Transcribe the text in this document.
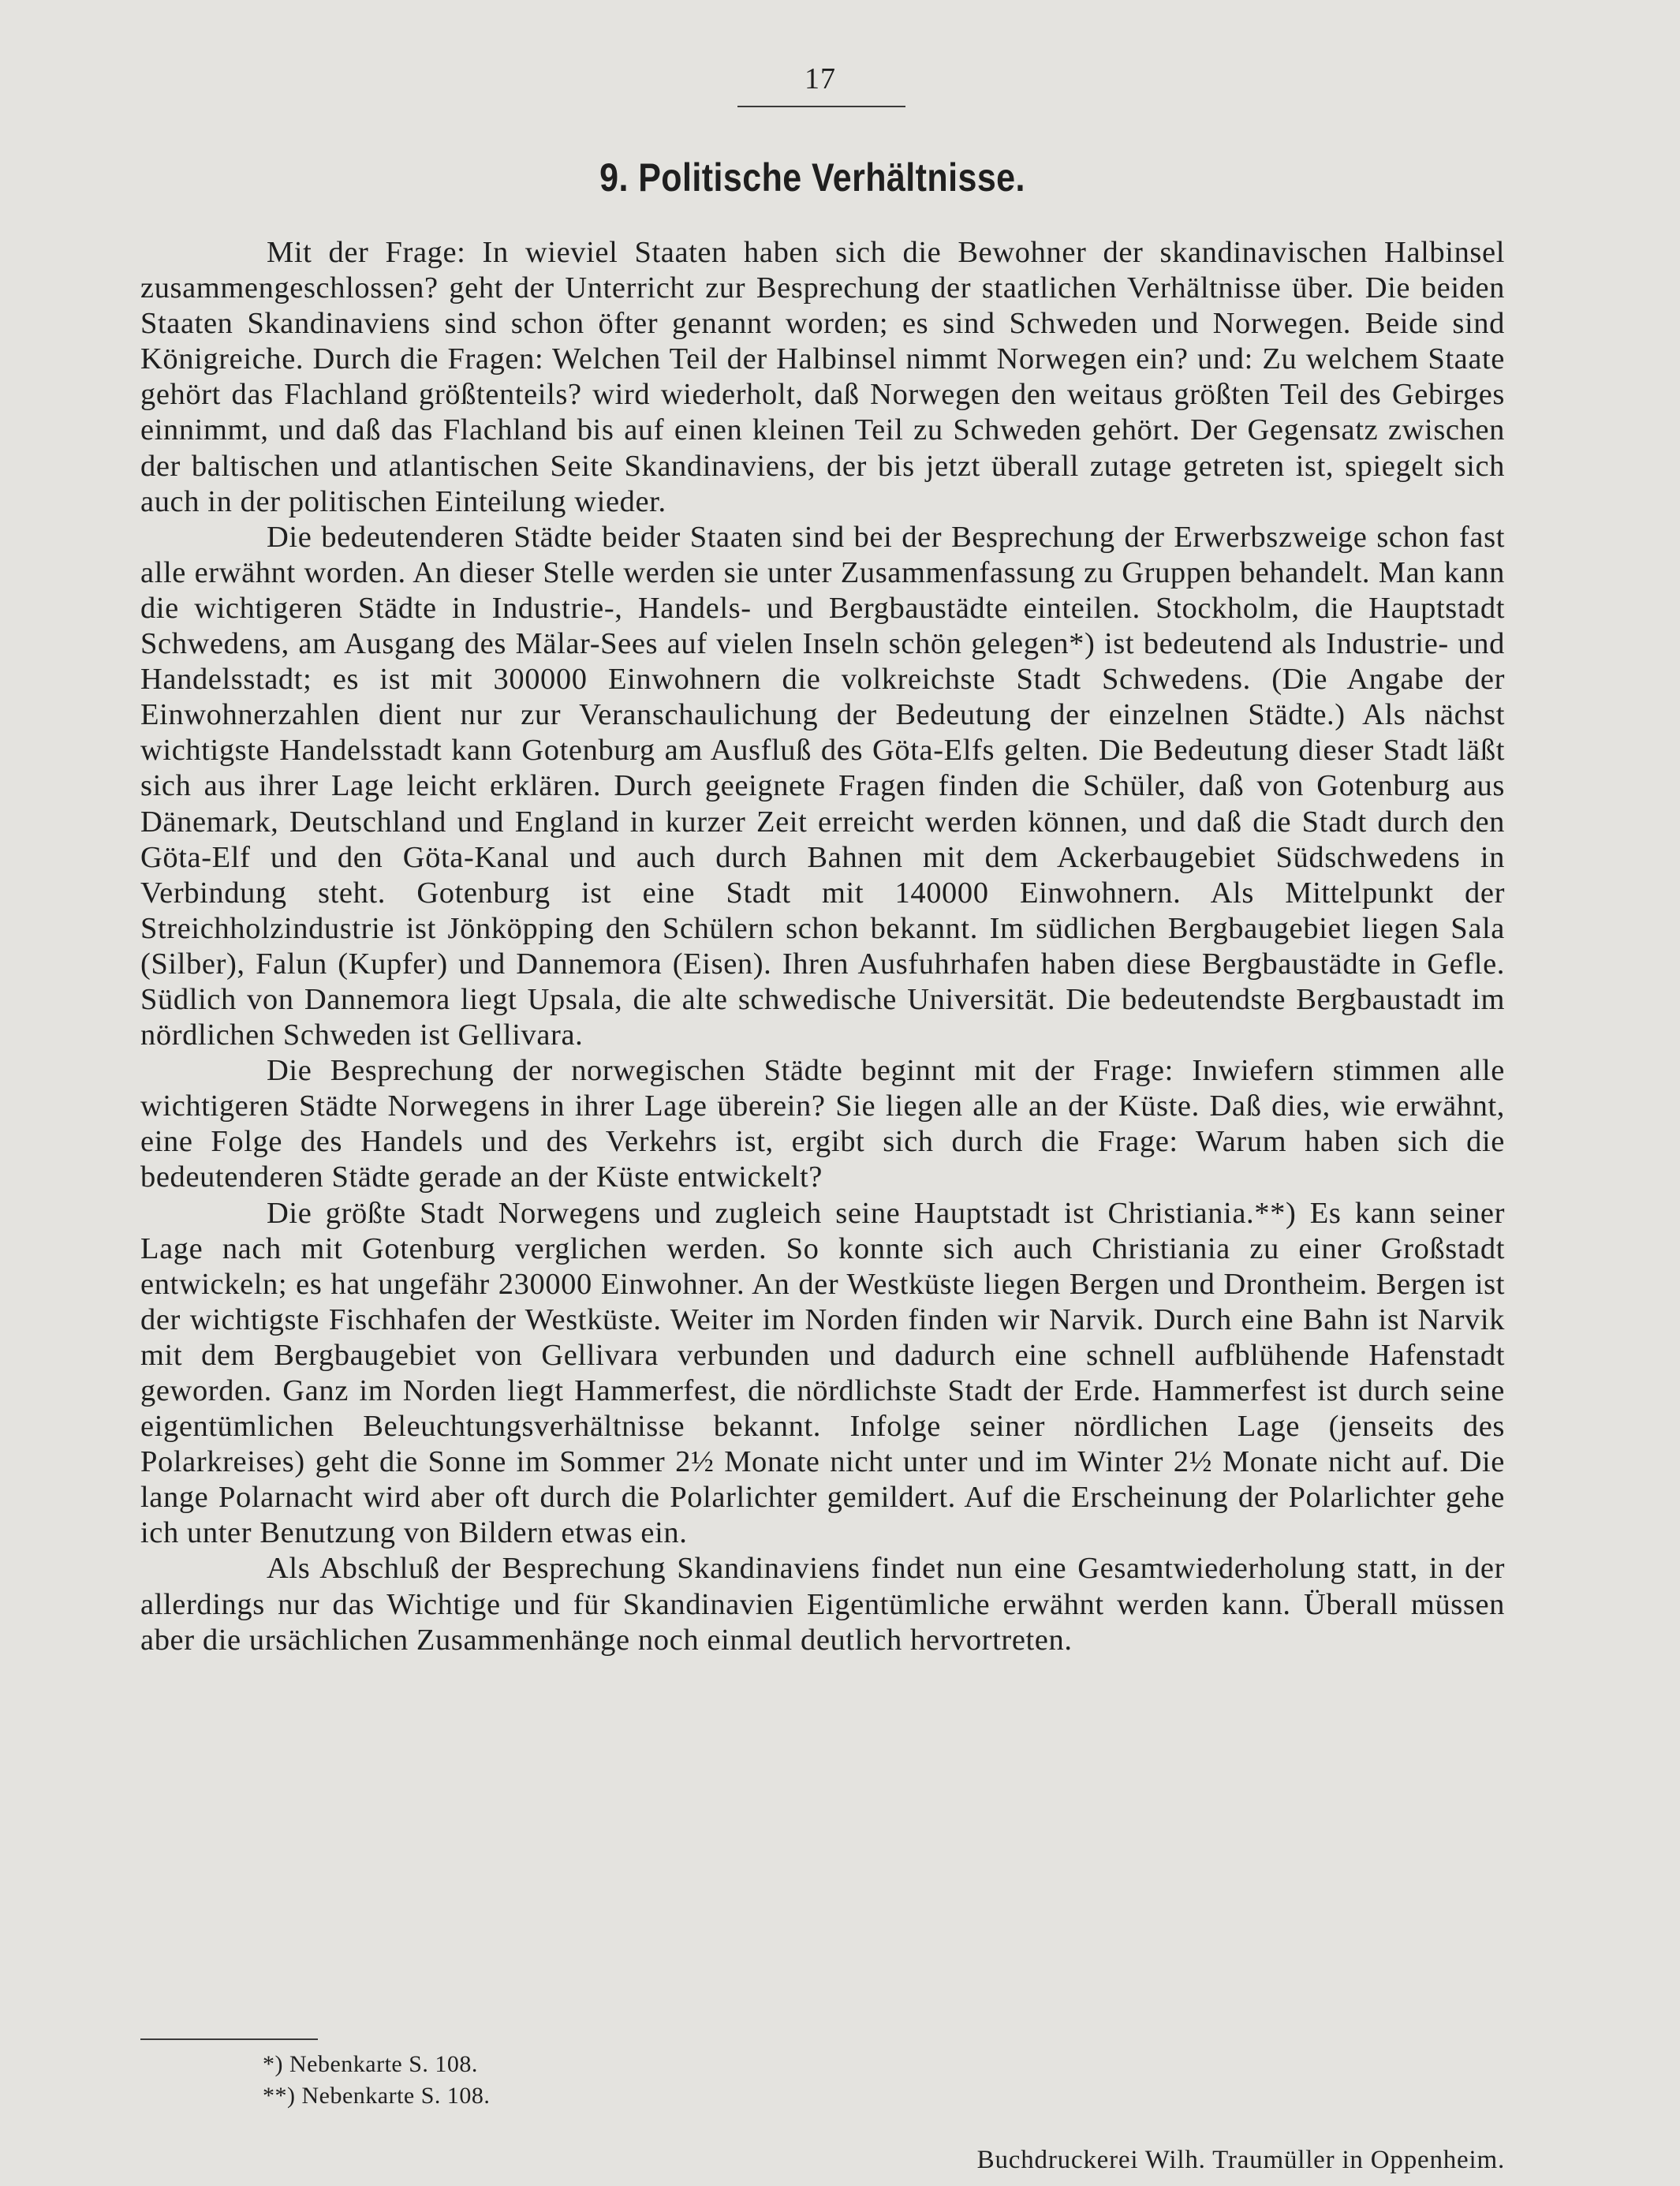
17
9. Politische Verhältnisse.

Mit der Frage: In wieviel Staaten haben sich die Bewohner der skandinavischen Halbinsel zusammengeschlossen? geht der Unterricht zur Besprechung der staatlichen Verhältnisse über. Die beiden Staaten Skandinaviens sind schon öfter genannt worden; es sind Schweden und Norwegen. Beide sind Königreiche. Durch die Fragen: Welchen Teil der Halbinsel nimmt Norwegen ein? und: Zu welchem Staate gehört das Flachland größtenteils? wird wiederholt, daß Norwegen den weitaus größten Teil des Gebirges einnimmt, und daß das Flachland bis auf einen kleinen Teil zu Schweden gehört. Der Gegensatz zwischen der baltischen und atlantischen Seite Skandinaviens, der bis jetzt überall zutage getreten ist, spiegelt sich auch in der politischen Einteilung wieder.

Die bedeutenderen Städte beider Staaten sind bei der Besprechung der Erwerbszweige schon fast alle erwähnt worden. An dieser Stelle werden sie unter Zusammenfassung zu Gruppen behandelt. Man kann die wichtigeren Städte in Industrie-, Handels- und Bergbaustädte einteilen. Stockholm, die Hauptstadt Schwedens, am Ausgang des Mälar-Sees auf vielen Inseln schön gelegen*) ist bedeutend als Industrie- und Handelsstadt; es ist mit 300000 Einwohnern die volkreichste Stadt Schwedens. (Die Angabe der Einwohnerzahlen dient nur zur Veranschaulichung der Bedeutung der einzelnen Städte.) Als nächst wichtigste Handelsstadt kann Gotenburg am Ausfluß des Göta-Elfs gelten. Die Bedeutung dieser Stadt läßt sich aus ihrer Lage leicht erklären. Durch geeignete Fragen finden die Schüler, daß von Gotenburg aus Dänemark, Deutschland und England in kurzer Zeit erreicht werden können, und daß die Stadt durch den Göta-Elf und den Göta-Kanal und auch durch Bahnen mit dem Ackerbaugebiet Südschwedens in Verbindung steht. Gotenburg ist eine Stadt mit 140000 Einwohnern. Als Mittelpunkt der Streichholzindustrie ist Jönköpping den Schülern schon bekannt. Im südlichen Bergbaugebiet liegen Sala (Silber), Falun (Kupfer) und Dannemora (Eisen). Ihren Ausfuhrhafen haben diese Bergbaustädte in Gefle. Südlich von Dannemora liegt Upsala, die alte schwedische Universität. Die bedeutendste Bergbaustadt im nördlichen Schweden ist Gellivara.

Die Besprechung der norwegischen Städte beginnt mit der Frage: Inwiefern stimmen alle wichtigeren Städte Norwegens in ihrer Lage überein? Sie liegen alle an der Küste. Daß dies, wie erwähnt, eine Folge des Handels und des Verkehrs ist, ergibt sich durch die Frage: Warum haben sich die bedeutenderen Städte gerade an der Küste entwickelt?

Die größte Stadt Norwegens und zugleich seine Hauptstadt ist Christiania.**) Es kann seiner Lage nach mit Gotenburg verglichen werden. So konnte sich auch Christiania zu einer Großstadt entwickeln; es hat ungefähr 230000 Einwohner. An der Westküste liegen Bergen und Drontheim. Bergen ist der wichtigste Fischhafen der Westküste. Weiter im Norden finden wir Narvik. Durch eine Bahn ist Narvik mit dem Bergbaugebiet von Gellivara verbunden und dadurch eine schnell aufblühende Hafenstadt geworden. Ganz im Norden liegt Hammerfest, die nördlichste Stadt der Erde. Hammerfest ist durch seine eigentümlichen Beleuchtungsverhältnisse bekannt. Infolge seiner nördlichen Lage (jenseits des Polarkreises) geht die Sonne im Sommer 2½ Monate nicht unter und im Winter 2½ Monate nicht auf. Die lange Polarnacht wird aber oft durch die Polarlichter gemildert. Auf die Erscheinung der Polarlichter gehe ich unter Benutzung von Bildern etwas ein.

Als Abschluß der Besprechung Skandinaviens findet nun eine Gesamtwiederholung statt, in der allerdings nur das Wichtige und für Skandinavien Eigentümliche erwähnt werden kann. Überall müssen aber die ursächlichen Zusammenhänge noch einmal deutlich hervortreten.

*) Nebenkarte S. 108.
**) Nebenkarte S. 108.
Buchdruckerei Wilh. Traumüller in Oppenheim.
